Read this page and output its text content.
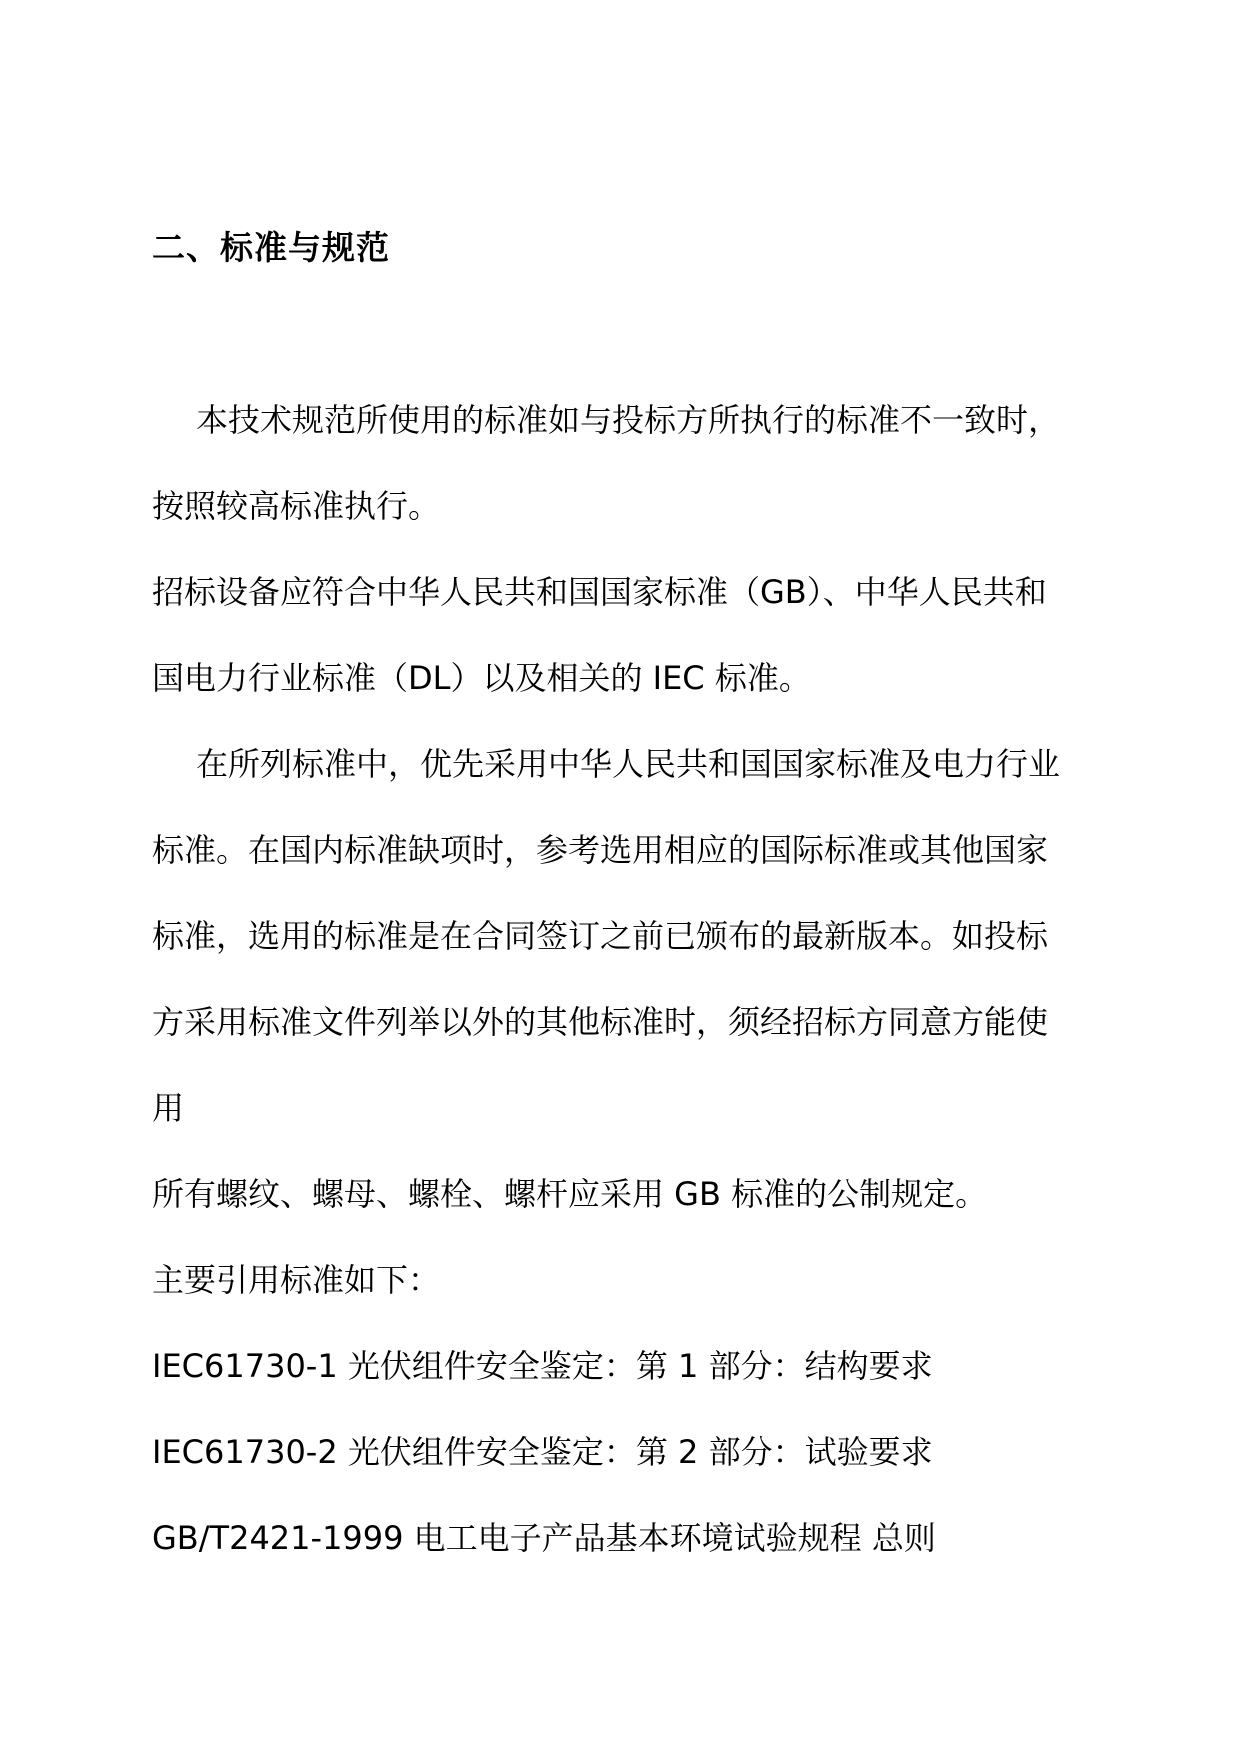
二、标准与规范
本技术规范所使用的标准如与投标方所执行的标准不一致时，
按照较高标准执行。
招标设备应符合中华人民共和国国家标准（GB）、中华人民共和
国电力行业标准（DL）以及相关的 IEC 标准。
在所列标准中，优先采用中华人民共和国国家标准及电力行业
标准。在国内标准缺项时，参考选用相应的国际标准或其他国家
标准，选用的标准是在合同签订之前已颁布的最新版本。如投标
方采用标准文件列举以外的其他标准时，须经招标方同意方能使
用
所有螺纹、螺母、螺栓、螺杆应采用 GB 标准的公制规定。
主要引用标准如下：
IEC61730-1 光伏组件安全鉴定：第 1 部分：结构要求
IEC61730-2 光伏组件安全鉴定：第 2 部分：试验要求
GB/T2421-1999 电工电子产品基本环境试验规程 总则
